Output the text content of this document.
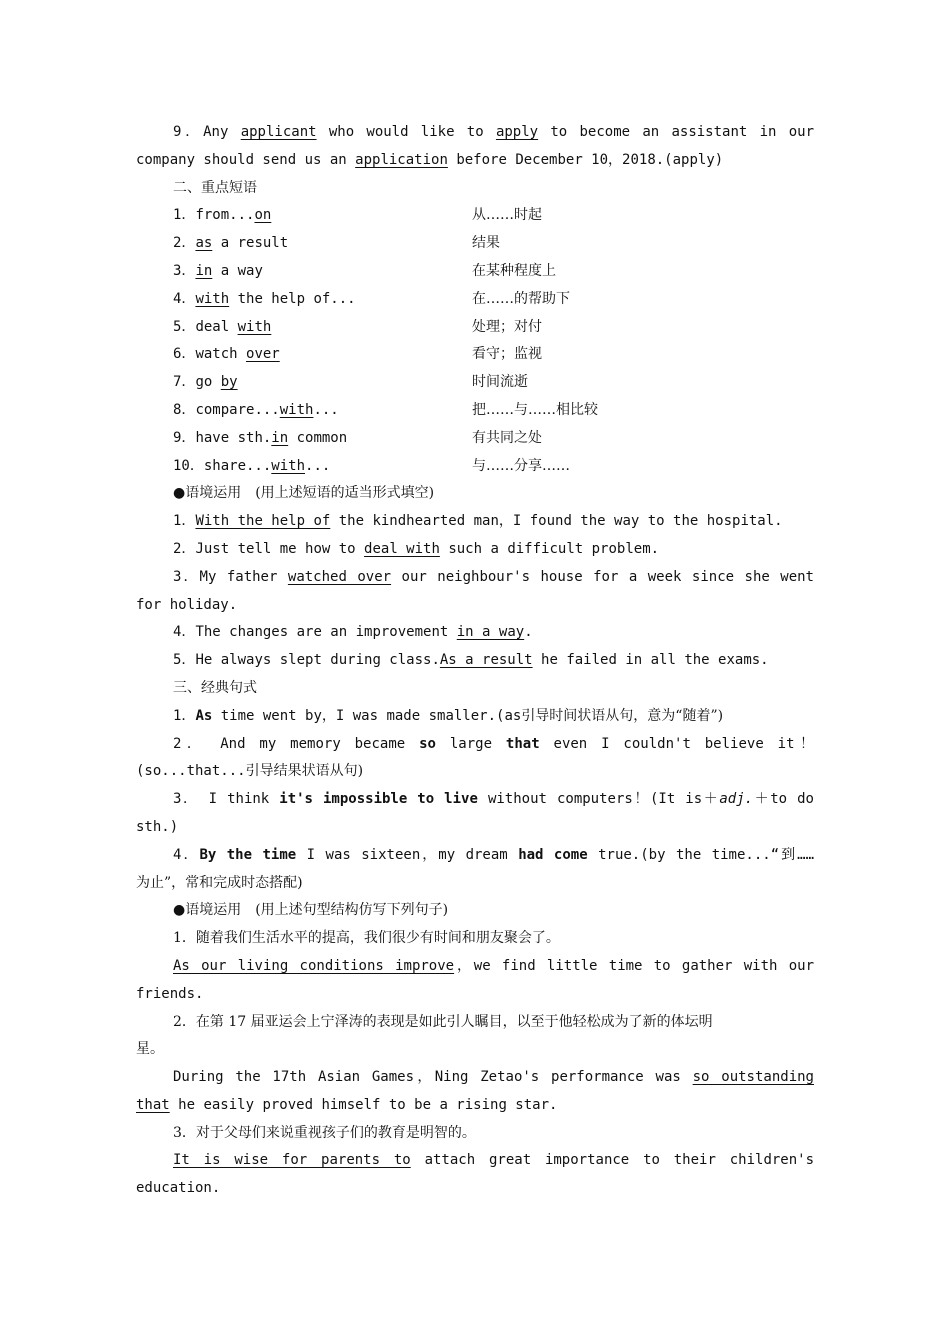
9．Any applicant who would like to apply to become an assistant in our

company should send us an application before December 10，2018.(apply)

二、重点短语

1．from...on	从……时起
2．as a result	结果
3．in a way	在某种程度上
4．with the help of...	在……的帮助下
5．deal with	处理；对付
6．watch over	看守；监视
7．go by	时间流逝
8．compare...with...	把……与……相比较
9．have sth.in common	有共同之处
10．share...with...	与……分享……

●语境运用　(用上述短语的适当形式填空)

1．With the help of the kindhearted man，I found the way to the hospital.

2．Just tell me how to deal with such a difficult problem.

3．My father watched over our neighbour's house for a week since she went

for holiday.

4．The changes are an improvement in a way.

5．He always slept during class.As a result he failed in all the exams.

三、经典句式

1．As time went by，I was made smaller.(as引导时间状语从句，意为“随着”)

2． And my memory became so large that even I couldn't believe it！

(so...that...引导结果状语从句)

3． I think it's impossible to live without computers！(It is＋adj.＋to do

sth.)

4．By the time I was sixteen，my dream had come true.(by the time...“到……

为止”，常和完成时态搭配)

●语境运用　(用上述句型结构仿写下列句子)

1．随着我们生活水平的提高，我们很少有时间和朋友聚会了。

As our living conditions improve，we find little time to gather with our

friends.

2．在第 17 届亚运会上宁泽涛的表现是如此引人瞩目，以至于他轻松成为了新的体坛明

星。

During the 17th Asian Games，Ning Zetao's performance was so outstanding

that he easily proved himself to be a rising star.

3．对于父母们来说重视孩子们的教育是明智的。

It is wise for parents to attach great importance to their children's

education.
